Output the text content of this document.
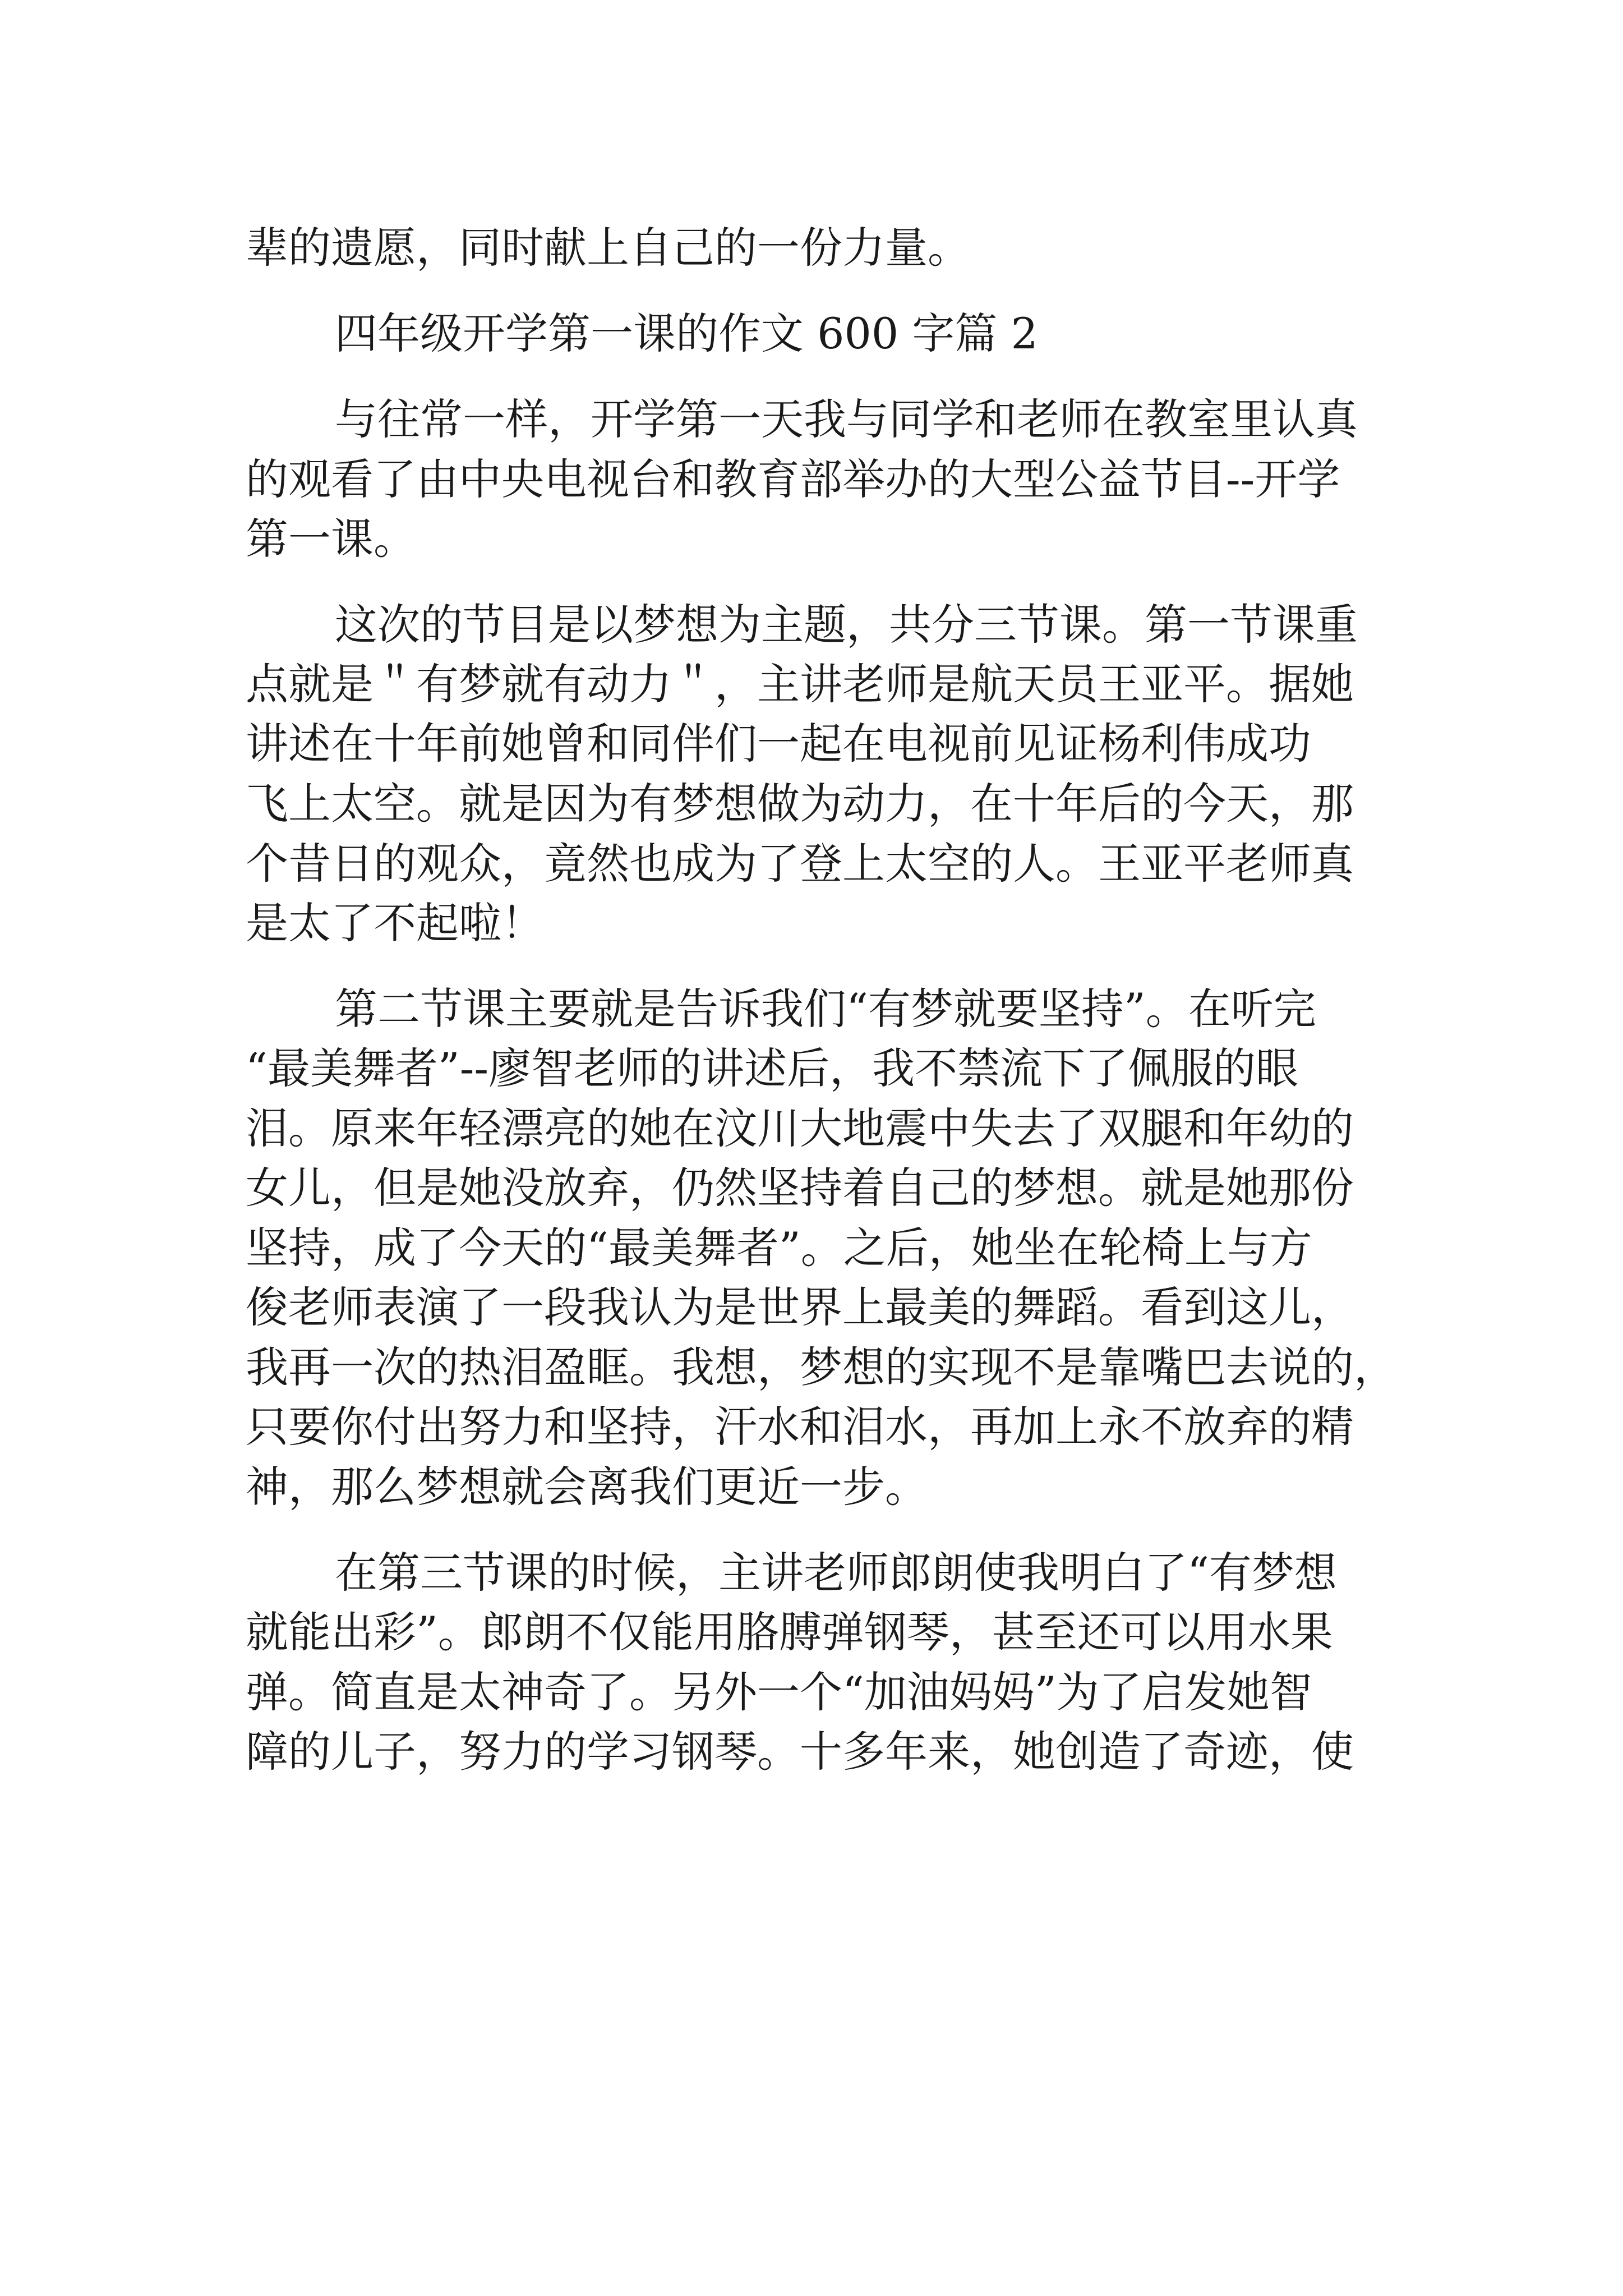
辈的遗愿，同时献上自己的一份力量。

四年级开学第一课的作文 600 字篇 2

与往常一样，开学第一天我与同学和老师在教室里认真

的观看了由中央电视台和教育部举办的大型公益节目--开学

第一课。

这次的节目是以梦想为主题，共分三节课。第一节课重

点就是＂有梦就有动力＂，主讲老师是航天员王亚平。据她

讲述在十年前她曾和同伴们一起在电视前见证杨利伟成功

飞上太空。就是因为有梦想做为动力，在十年后的今天，那

个昔日的观众，竟然也成为了登上太空的人。王亚平老师真

是太了不起啦！

第二节课主要就是告诉我们“有梦就要坚持”。在听完

“最美舞者”--廖智老师的讲述后，我不禁流下了佩服的眼

泪。原来年轻漂亮的她在汶川大地震中失去了双腿和年幼的

女儿，但是她没放弃，仍然坚持着自己的梦想。就是她那份

坚持，成了今天的“最美舞者”。之后，她坐在轮椅上与方

俊老师表演了一段我认为是世界上最美的舞蹈。看到这儿，

我再一次的热泪盈眶。我想，梦想的实现不是靠嘴巴去说的，

只要你付出努力和坚持，汗水和泪水，再加上永不放弃的精

神，那么梦想就会离我们更近一步。

在第三节课的时候，主讲老师郎朗使我明白了“有梦想

就能出彩”。郎朗不仅能用胳膊弹钢琴，甚至还可以用水果

弹。简直是太神奇了。另外一个“加油妈妈”为了启发她智

障的儿子，努力的学习钢琴。十多年来，她创造了奇迹，使
